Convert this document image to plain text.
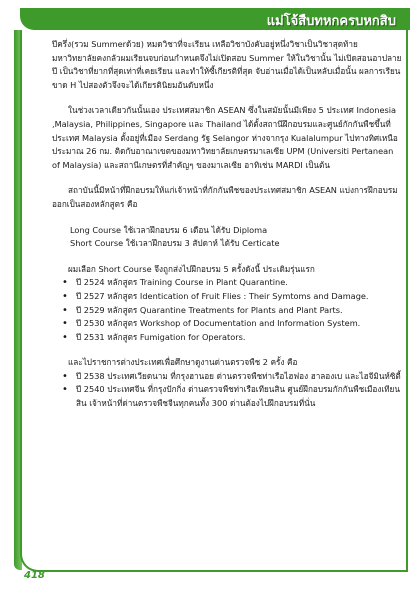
แม่โจ้สืบทหกครบหกสิบ

ปีครึ่ง(รวม Summerด้วย) หมดวิชาที่จะเรียน เหลือวิชาบังคับอยู่หนึ่งวิชาเป็นวิชาสุดท้ายมหาวิทยาลัยคงกลัวผมเรียนจบก่อนกำหนดจึงไม่เปิดสอบ Summer ให้ในวิชานั้น ไม่เปิดสอนอาปลายปี เป็นวิชาที่ยากที่สุดเท่าที่เคยเรียน และทำให้ซี้เกียรติที่สุด จับอ่านเมื่อได้เป็นหลับเมื่อนั้น ผลการเรียนขาด H ไปสองตัวจึงจะได้เกียรตินิยมอันดับหนึ่ง

ในช่วงเวลาเดียวกันนั้นเอง ประเทศสมาชิก ASEAN ซึ่งในสมัยนั้นมีเพียง 5 ประเทศ Indonesia ,Malaysia, Philippines, Singapore และ Thailand ได้ตั้งสถานีฝึกอบรมและศูนย์กักกันพืชขึ้นที่ประเทศ Malaysia ตั้งอยู่ที่เมือง Serdang รัฐ Selangor ห่างจากรุง Kualalumpur ไปทางทิศเหนือประมาณ 26 กม. ติดกับอาณาเขตของมหาวิทยาลัยเกษตรมาเลเซีย UPM (Universiti Pertanean of Malaysia) และสถานีเกษตรที่สำคัญๆ ของมาเลเซีย อาทิเช่น MARDI เป็นต้น

สถาบันนี้มีหน้าที่ฝึกอบรมให้แก่เจ้าหน้าที่กักกันพืชของประเทศสมาชิก ASEAN แบ่งการฝึกอบรมออกเป็นสองหลักสูตร คือ

Long Course ใช้เวลาฝึกอบรม 6 เดือน ได้รับ Diploma

Short Course ใช้เวลาฝึกอบรม 3 สัปดาห์ ได้รับ Certicate

ผมเลือก Short Course จึงถูกส่งไปฝึกอบรม 5 ครั้งดังนี้ ประเดิมรุ่นแรก

• ปี 2524 หลักสูตร Training Course in Plant Quarantine.
• ปี 2527 หลักสูตร Identication of Fruit Flies : Their Symtoms and Damage.
• ปี 2529 หลักสูตร Quarantine Treatments for Plants and Plant Parts.
• ปี 2530 หลักสูตร Workshop of Documentation and Information System.
• ปี 2531 หลักสูตร Fumigation for Operators.

และไปราชการต่างประเทศเพื่อศึกษาดูงานด่านตรวจพืช 2 ครั้ง คือ

• ปี 2538 ประเทศเวียดนาม ที่กรุงฮานอย ด่านตรวจพืชท่าเรือไฮฟอง ฮาลองเบ และไฮจีมินห์ซิตี้
• ปี 2540 ประเทศจีน ที่กรุงปักกิ่ง ด่านตรวจพืชท่าเรือเทียนสิน ศูนย์ฝึกอบรมกักกันพืชเมืองเทียนสิน เจ้าหน้าที่ด่านตรวจพืชจีนทุกคนทั้ง 300 ด่านต้องไปฝึกอบรมที่นั่น
418
